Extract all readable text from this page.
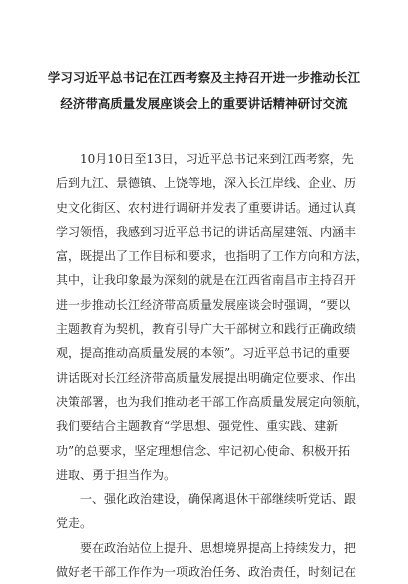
学习习近平总书记在江西考察及主持召开进一步推动长江
经济带高质量发展座谈会上的重要讲话精神研讨交流
10月10日至13日，习近平总书记来到江西考察，先
后到九江、景德镇、上饶等地，深入长江岸线、企业、历
史文化街区、农村进行调研并发表了重要讲话。通过认真
学习领悟，我感到习近平总书记的讲话高屋建瓴、内涵丰
富，既提出了工作目标和要求，也指明了工作方向和方法，
其中，让我印象最为深刻的就是在江西省南昌市主持召开
进一步推动长江经济带高质量发展座谈会时强调，“要以
主题教育为契机，教育引导广大干部树立和践行正确政绩
观，提高推动高质量发展的本领”。习近平总书记的重要
讲话既对长江经济带高质量发展提出明确定位要求、作出
决策部署，也为我们推动老干部工作高质量发展定向领航，
我们要结合主题教育“学思想、强党性、重实践、建新
功”的总要求，坚定理想信念、牢记初心使命、积极开拓
进取、勇于担当作为。
一、强化政治建设，确保离退休干部继续听党话、跟
党走。
要在政治站位上提升、思想境界提高上持续发力，把
做好老干部工作作为一项政治任务、政治责任，时刻记在
